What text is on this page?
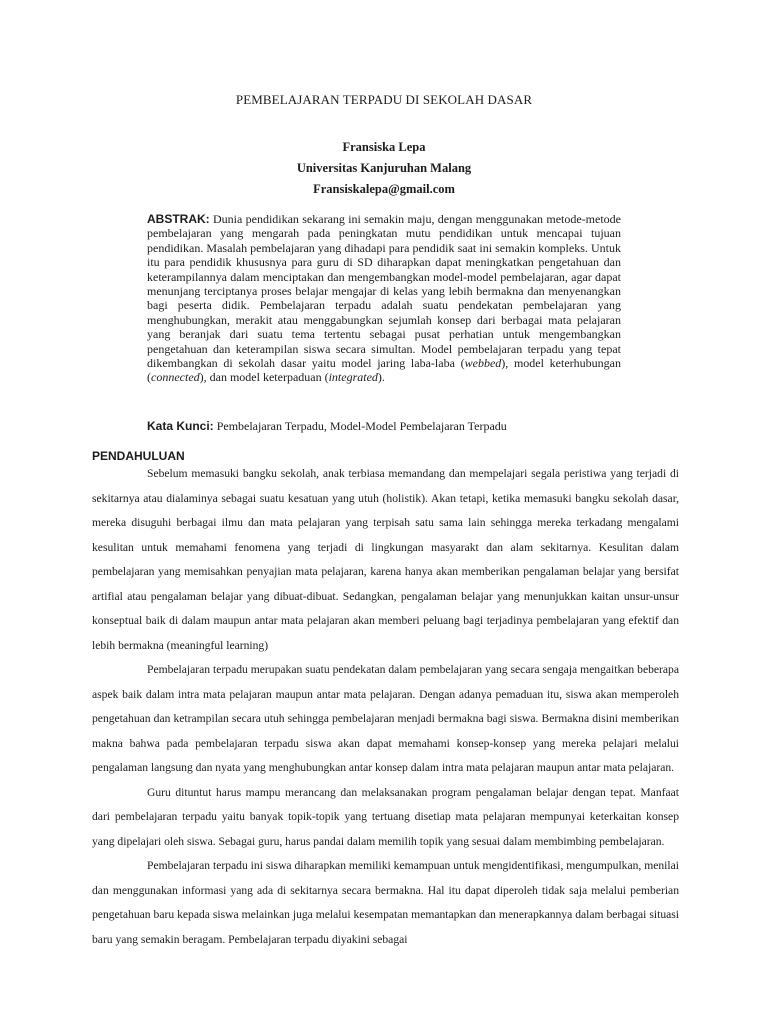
PEMBELAJARAN TERPADU DI SEKOLAH DASAR
Fransiska Lepa
Universitas Kanjuruhan Malang
Fransiskalepa@gmail.com
ABSTRAK: Dunia pendidikan sekarang ini semakin maju, dengan menggunakan metode-metode pembelajaran yang mengarah pada peningkatan mutu pendidikan untuk mencapai tujuan pendidikan. Masalah pembelajaran yang dihadapi para pendidik saat ini semakin kompleks. Untuk itu para pendidik khususnya para guru di SD diharapkan dapat meningkatkan pengetahuan dan keterampilannya dalam menciptakan dan mengembangkan model-model pembelajaran, agar dapat menunjang terciptanya proses belajar mengajar di kelas yang lebih bermakna dan menyenangkan bagi peserta didik. Pembelajaran terpadu adalah suatu pendekatan pembelajaran yang menghubungkan, merakit atau menggabungkan sejumlah konsep dari berbagai mata pelajaran yang beranjak dari suatu tema tertentu sebagai pusat perhatian untuk mengembangkan pengetahuan dan keterampilan siswa secara simultan. Model pembelajaran terpadu yang tepat dikembangkan di sekolah dasar yaitu model jaring laba-laba (webbed), model keterhubungan (connected), dan model keterpaduan (integrated).
Kata Kunci: Pembelajaran Terpadu, Model-Model Pembelajaran Terpadu
PENDAHULUAN

Sebelum memasuki bangku sekolah, anak terbiasa memandang dan mempelajari segala peristiwa yang terjadi di sekitarnya atau dialaminya sebagai suatu kesatuan yang utuh (holistik). Akan tetapi, ketika memasuki bangku sekolah dasar, mereka disuguhi berbagai ilmu dan mata pelajaran yang terpisah satu sama lain sehingga mereka terkadang mengalami kesulitan untuk memahami fenomena yang terjadi di lingkungan masyarakt dan alam sekitarnya. Kesulitan dalam pembelajaran yang memisahkan penyajian mata pelajaran, karena hanya akan memberikan pengalaman belajar yang bersifat artifial atau pengalaman belajar yang dibuat-dibuat. Sedangkan, pengalaman belajar yang menunjukkan kaitan unsur-unsur konseptual baik di dalam maupun antar mata pelajaran akan memberi peluang bagi terjadinya pembelajaran yang efektif dan lebih bermakna (meaningful learning)

Pembelajaran terpadu merupakan suatu pendekatan dalam pembelajaran yang secara sengaja mengaitkan beberapa aspek baik dalam intra mata pelajaran maupun antar mata pelajaran. Dengan adanya pemaduan itu, siswa akan memperoleh pengetahuan dan ketrampilan secara utuh sehingga pembelajaran menjadi bermakna bagi siswa. Bermakna disini memberikan makna bahwa pada pembelajaran terpadu siswa akan dapat memahami konsep-konsep yang mereka pelajari melalui pengalaman langsung dan nyata yang menghubungkan antar konsep dalam intra mata pelajaran maupun antar mata pelajaran.

Guru dituntut harus mampu merancang dan melaksanakan program pengalaman belajar dengan tepat. Manfaat dari pembelajaran terpadu yaitu banyak topik-topik yang tertuang disetiap mata pelajaran mempunyai keterkaitan konsep yang dipelajari oleh siswa. Sebagai guru, harus pandai dalam memilih topik yang sesuai dalam membimbing pembelajaran.

Pembelajaran terpadu ini siswa diharapkan memiliki kemampuan untuk mengidentifikasi, mengumpulkan, menilai dan menggunakan informasi yang ada di sekitarnya secara bermakna. Hal itu dapat diperoleh tidak saja melalui pemberian pengetahuan baru kepada siswa melainkan juga melalui kesempatan memantapkan dan menerapkannya dalam berbagai situasi baru yang semakin beragam. Pembelajaran terpadu diyakini sebagai
